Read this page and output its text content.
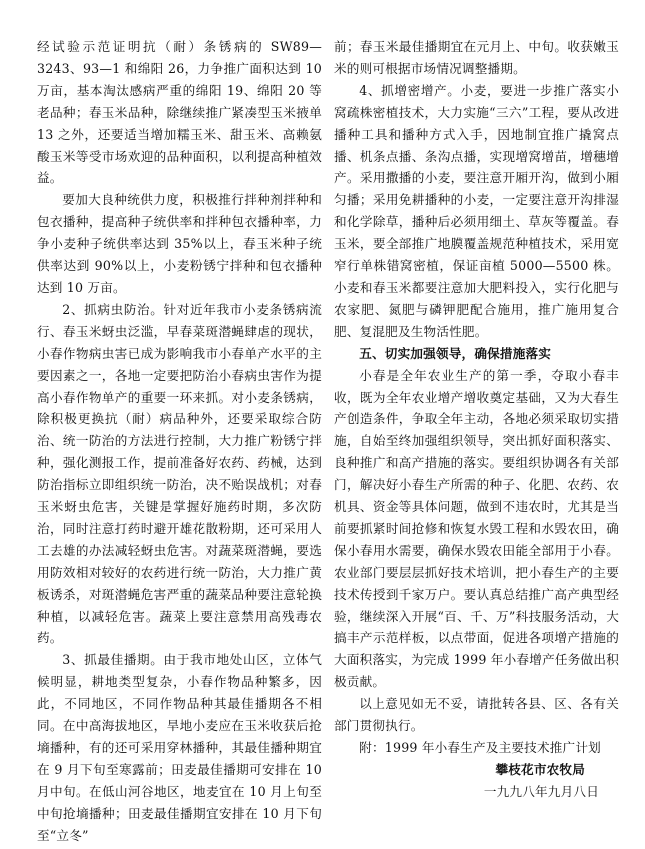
经试验示范证明抗（耐）条锈病的 SW89—3243、93—1 和绵阳 26，力争推广面积达到 10 万亩，基本淘汰感病严重的绵阳 19、绵阳 20 等老品种；春玉米品种，除继续推广紧凑型玉米掖单 13 之外，还要适当增加糯玉米、甜玉米、高赖氨酸玉米等受市场欢迎的品种面积，以利提高种植效益。

要加大良种统供力度，积极推行拌种剂拌种和包衣播种，提高种子统供率和拌种包衣播种率，力争小麦种子统供率达到 35%以上，春玉米种子统供率达到 90%以上，小麦粉锈宁拌种和包衣播种达到 10 万亩。

2、抓病虫防治。针对近年我市小麦条锈病流行、春玉米蚜虫泛滥，早春菜斑潜蝇肆虐的现状，小春作物病虫害已成为影响我市小春单产水平的主要因素之一，各地一定要把防治小春病虫害作为提高小春作物单产的重要一环来抓。对小麦条锈病，除积极更换抗（耐）病品种外，还要采取综合防治、统一防治的方法进行控制，大力推广粉锈宁拌种，强化测报工作，提前准备好农药、药械，达到防治指标立即组织统一防治，决不贻误战机；对春玉米蚜虫危害，关键是掌握好施药时期，多次防治，同时注意打药时避开雄花散粉期，还可采用人工去雄的办法减轻蚜虫危害。对蔬菜斑潜蝇，要选用防效相对较好的农药进行统一防治，大力推广黄板诱杀，对斑潜蝇危害严重的蔬菜品种要注意轮换种植，以减轻危害。蔬菜上要注意禁用高残毒农药。

3、抓最佳播期。由于我市地处山区，立体气候明显，耕地类型复杂，小春作物品种繁多，因此，不同地区，不同作物品种其最佳播期各不相同。在中高海拔地区，旱地小麦应在玉米收获后抢墒播种，有的还可采用穿林播种，其最佳播种期宜在 9 月下旬至寒露前；田麦最佳播期可安排在 10 月中旬。在低山河谷地区，地麦宜在 10 月上旬至中旬抢墒播种；田麦最佳播期宜安排在 10 月下旬至“立冬”

前；春玉米最佳播期宜在元月上、中旬。收获嫩玉米的则可根据市场情况调整播期。

4、抓增密增产。小麦，要进一步推广落实小窝疏株密植技术，大力实施“三六”工程，要从改进播种工具和播种方式入手，因地制宜推广撬窝点播、机条点播、条沟点播，实现增窝增苗，增穗增产。采用撒播的小麦，要注意开厢开沟，做到小厢匀播；采用免耕播种的小麦，一定要注意开沟排湿和化学除草，播种后必须用细土、草灰等覆盖。春玉米，要全部推广地膜覆盖规范种植技术，采用宽窄行单株错窝密植，保证亩植 5000—5500 株。小麦和春玉米都要注意加大肥料投入，实行化肥与农家肥、氮肥与磷钾肥配合施用，推广施用复合肥、复混肥及生物活性肥。

五、切实加强领导，确保措施落实

小春是全年农业生产的第一季，夺取小春丰收，既为全年农业增产增收奠定基础，又为大春生产创造条件，争取全年主动，各地必须采取切实措施，自始至终加强组织领导，突出抓好面积落实、良种推广和高产措施的落实。要组织协调各有关部门，解决好小春生产所需的种子、化肥、农药、农机具、资金等具体问题，做到不违农时，尤其是当前要抓紧时间抢修和恢复水毁工程和水毁农田，确保小春用水需要，确保水毁农田能全部用于小春。农业部门要层层抓好技术培训，把小春生产的主要技术传授到千家万户。要认真总结推广高产典型经验，继续深入开展“百、千、万”科技服务活动，大搞丰产示范样板，以点带面，促进各项增产措施的大面积落实，为完成 1999 年小春增产任务做出积极贡献。

以上意见如无不妥，请批转各县、区、各有关部门贯彻执行。

附：1999 年小春生产及主要技术推广计划

攀枝花市农牧局

一九九八年九月八日
